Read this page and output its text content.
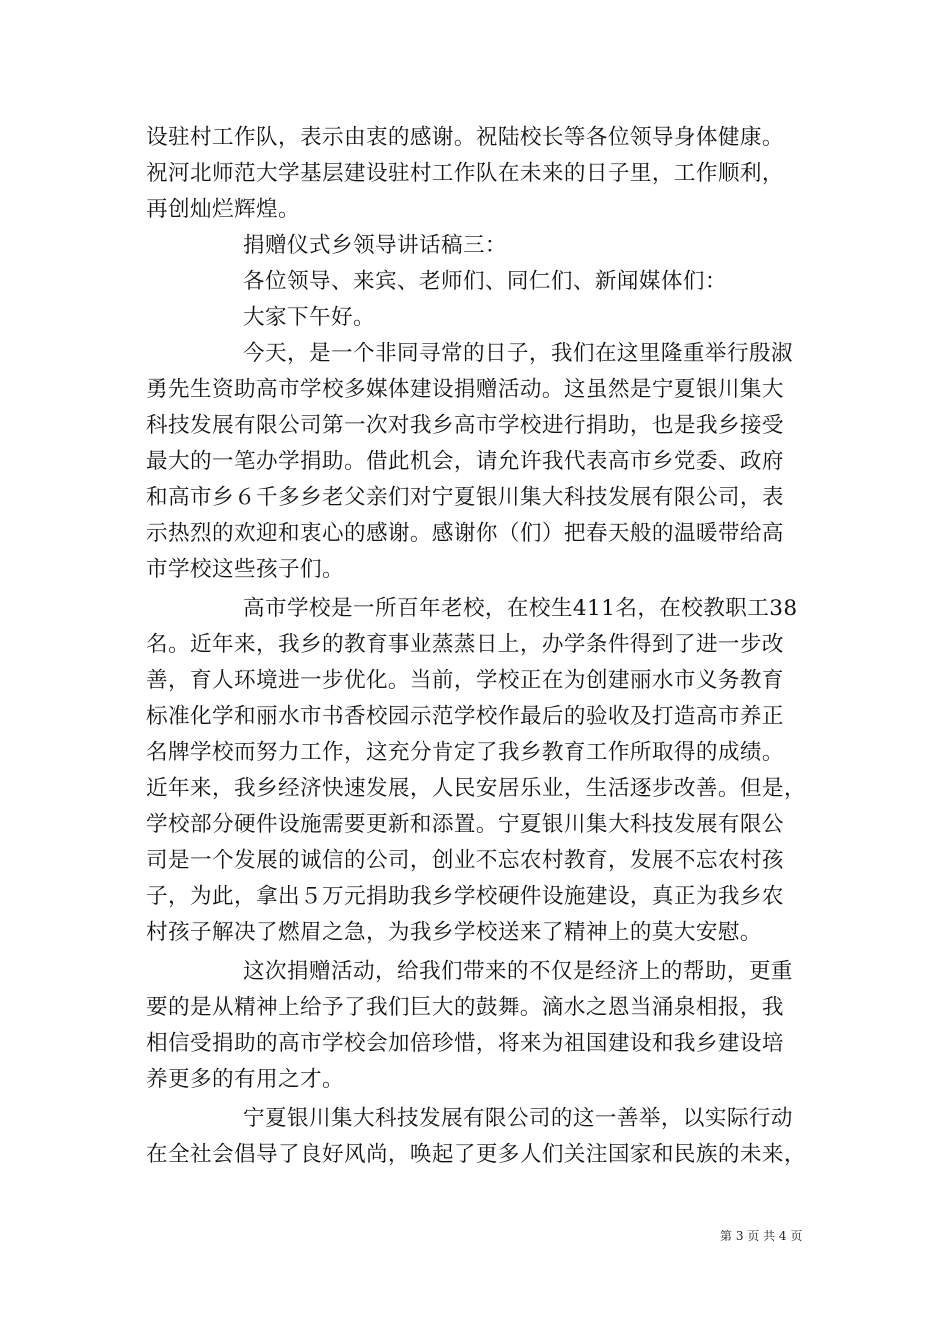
设驻村工作队，表示由衷的感谢。祝陆校长等各位领导身体健康。
祝河北师范大学基层建设驻村工作队在未来的日子里，工作顺利，
再创灿烂辉煌。
捐赠仪式乡领导讲话稿三：
各位领导、来宾、老师们、同仁们、新闻媒体们：
大家下午好。
今天，是一个非同寻常的日子，我们在这里隆重举行殷淑
勇先生资助高市学校多媒体建设捐赠活动。这虽然是宁夏银川集大
科技发展有限公司第一次对我乡高市学校进行捐助，也是我乡接受
最大的一笔办学捐助。借此机会，请允许我代表高市乡党委、政府
和高市乡６千多乡老父亲们对宁夏银川集大科技发展有限公司，表
示热烈的欢迎和衷心的感谢。感谢你（们）把春天般的温暖带给高
市学校这些孩子们。
高市学校是一所百年老校，在校生411名，在校教职工38
名。近年来，我乡的教育事业蒸蒸日上，办学条件得到了进一步改
善，育人环境进一步优化。当前，学校正在为创建丽水市义务教育
标准化学和丽水市书香校园示范学校作最后的验收及打造高市养正
名牌学校而努力工作，这充分肯定了我乡教育工作所取得的成绩。
近年来，我乡经济快速发展，人民安居乐业，生活逐步改善。但是，
学校部分硬件设施需要更新和添置。宁夏银川集大科技发展有限公
司是一个发展的诚信的公司，创业不忘农村教育，发展不忘农村孩
子，为此，拿出５万元捐助我乡学校硬件设施建设，真正为我乡农
村孩子解决了燃眉之急，为我乡学校送来了精神上的莫大安慰。
这次捐赠活动，给我们带来的不仅是经济上的帮助，更重
要的是从精神上给予了我们巨大的鼓舞。滴水之恩当涌泉相报，我
相信受捐助的高市学校会加倍珍惜，将来为祖国建设和我乡建设培
养更多的有用之才。
宁夏银川集大科技发展有限公司的这一善举，以实际行动
在全社会倡导了良好风尚，唤起了更多人们关注国家和民族的未来，
第 3 页 共 4 页
